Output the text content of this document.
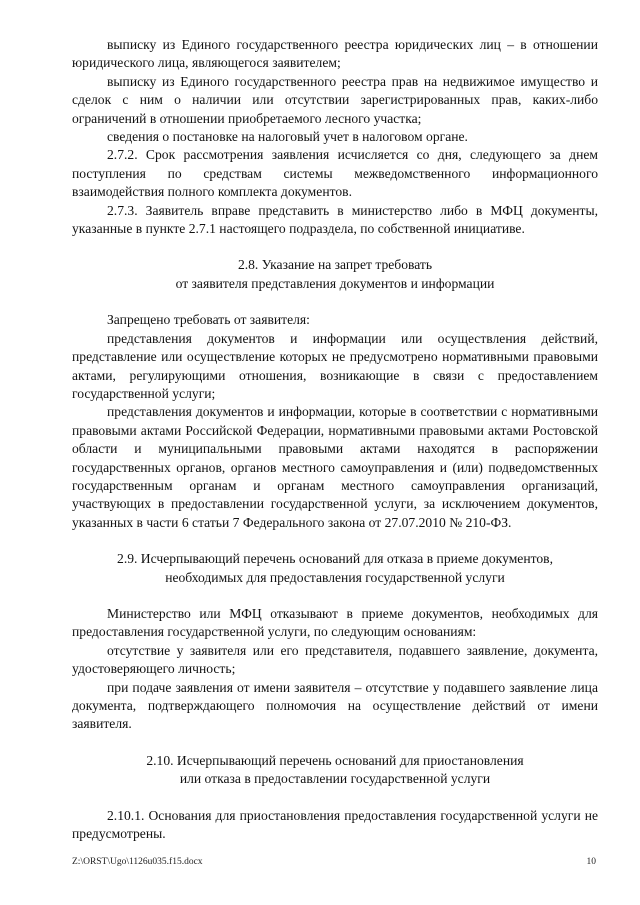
выписку из Единого государственного реестра юридических лиц – в отношении юридического лица, являющегося заявителем;

выписку из Единого государственного реестра прав на недвижимое имущество и сделок с ним о наличии или отсутствии зарегистрированных прав, каких-либо ограничений в отношении приобретаемого лесного участка;

сведения о постановке на налоговый учет в налоговом органе.

2.7.2. Срок рассмотрения заявления исчисляется со дня, следующего за днем поступления по средствам системы межведомственного информационного взаимодействия полного комплекта документов.

2.7.3. Заявитель вправе представить в министерство либо в МФЦ документы, указанные в пункте 2.7.1 настоящего подраздела, по собственной инициативе.

2.8. Указание на запрет требовать
от заявителя представления документов и информации

Запрещено требовать от заявителя:

представления документов и информации или осуществления действий, представление или осуществление которых не предусмотрено нормативными правовыми актами, регулирующими отношения, возникающие в связи с предоставлением государственной услуги;

представления документов и информации, которые в соответствии с нормативными правовыми актами Российской Федерации, нормативными правовыми актами Ростовской области и муниципальными правовыми актами находятся в распоряжении государственных органов, органов местного самоуправления и (или) подведомственных государственным органам и органам местного самоуправления организаций, участвующих в предоставлении государственной услуги, за исключением документов, указанных в части 6 статьи 7 Федерального закона от 27.07.2010 № 210-ФЗ.

2.9. Исчерпывающий перечень оснований для отказа в приеме документов,
необходимых для предоставления государственной услуги

Министерство или МФЦ отказывают в приеме документов, необходимых для предоставления государственной услуги, по следующим основаниям:

отсутствие у заявителя или его представителя, подавшего заявление, документа, удостоверяющего личность;

при подаче заявления от имени заявителя – отсутствие у подавшего заявление лица документа, подтверждающего полномочия на осуществление действий от имени заявителя.

2.10. Исчерпывающий перечень оснований для приостановления
или отказа в предоставлении государственной услуги

2.10.1. Основания для приостановления предоставления государственной услуги не предусмотрены.

Z:\ORST\Ugo\1126u035.f15.docx	10
